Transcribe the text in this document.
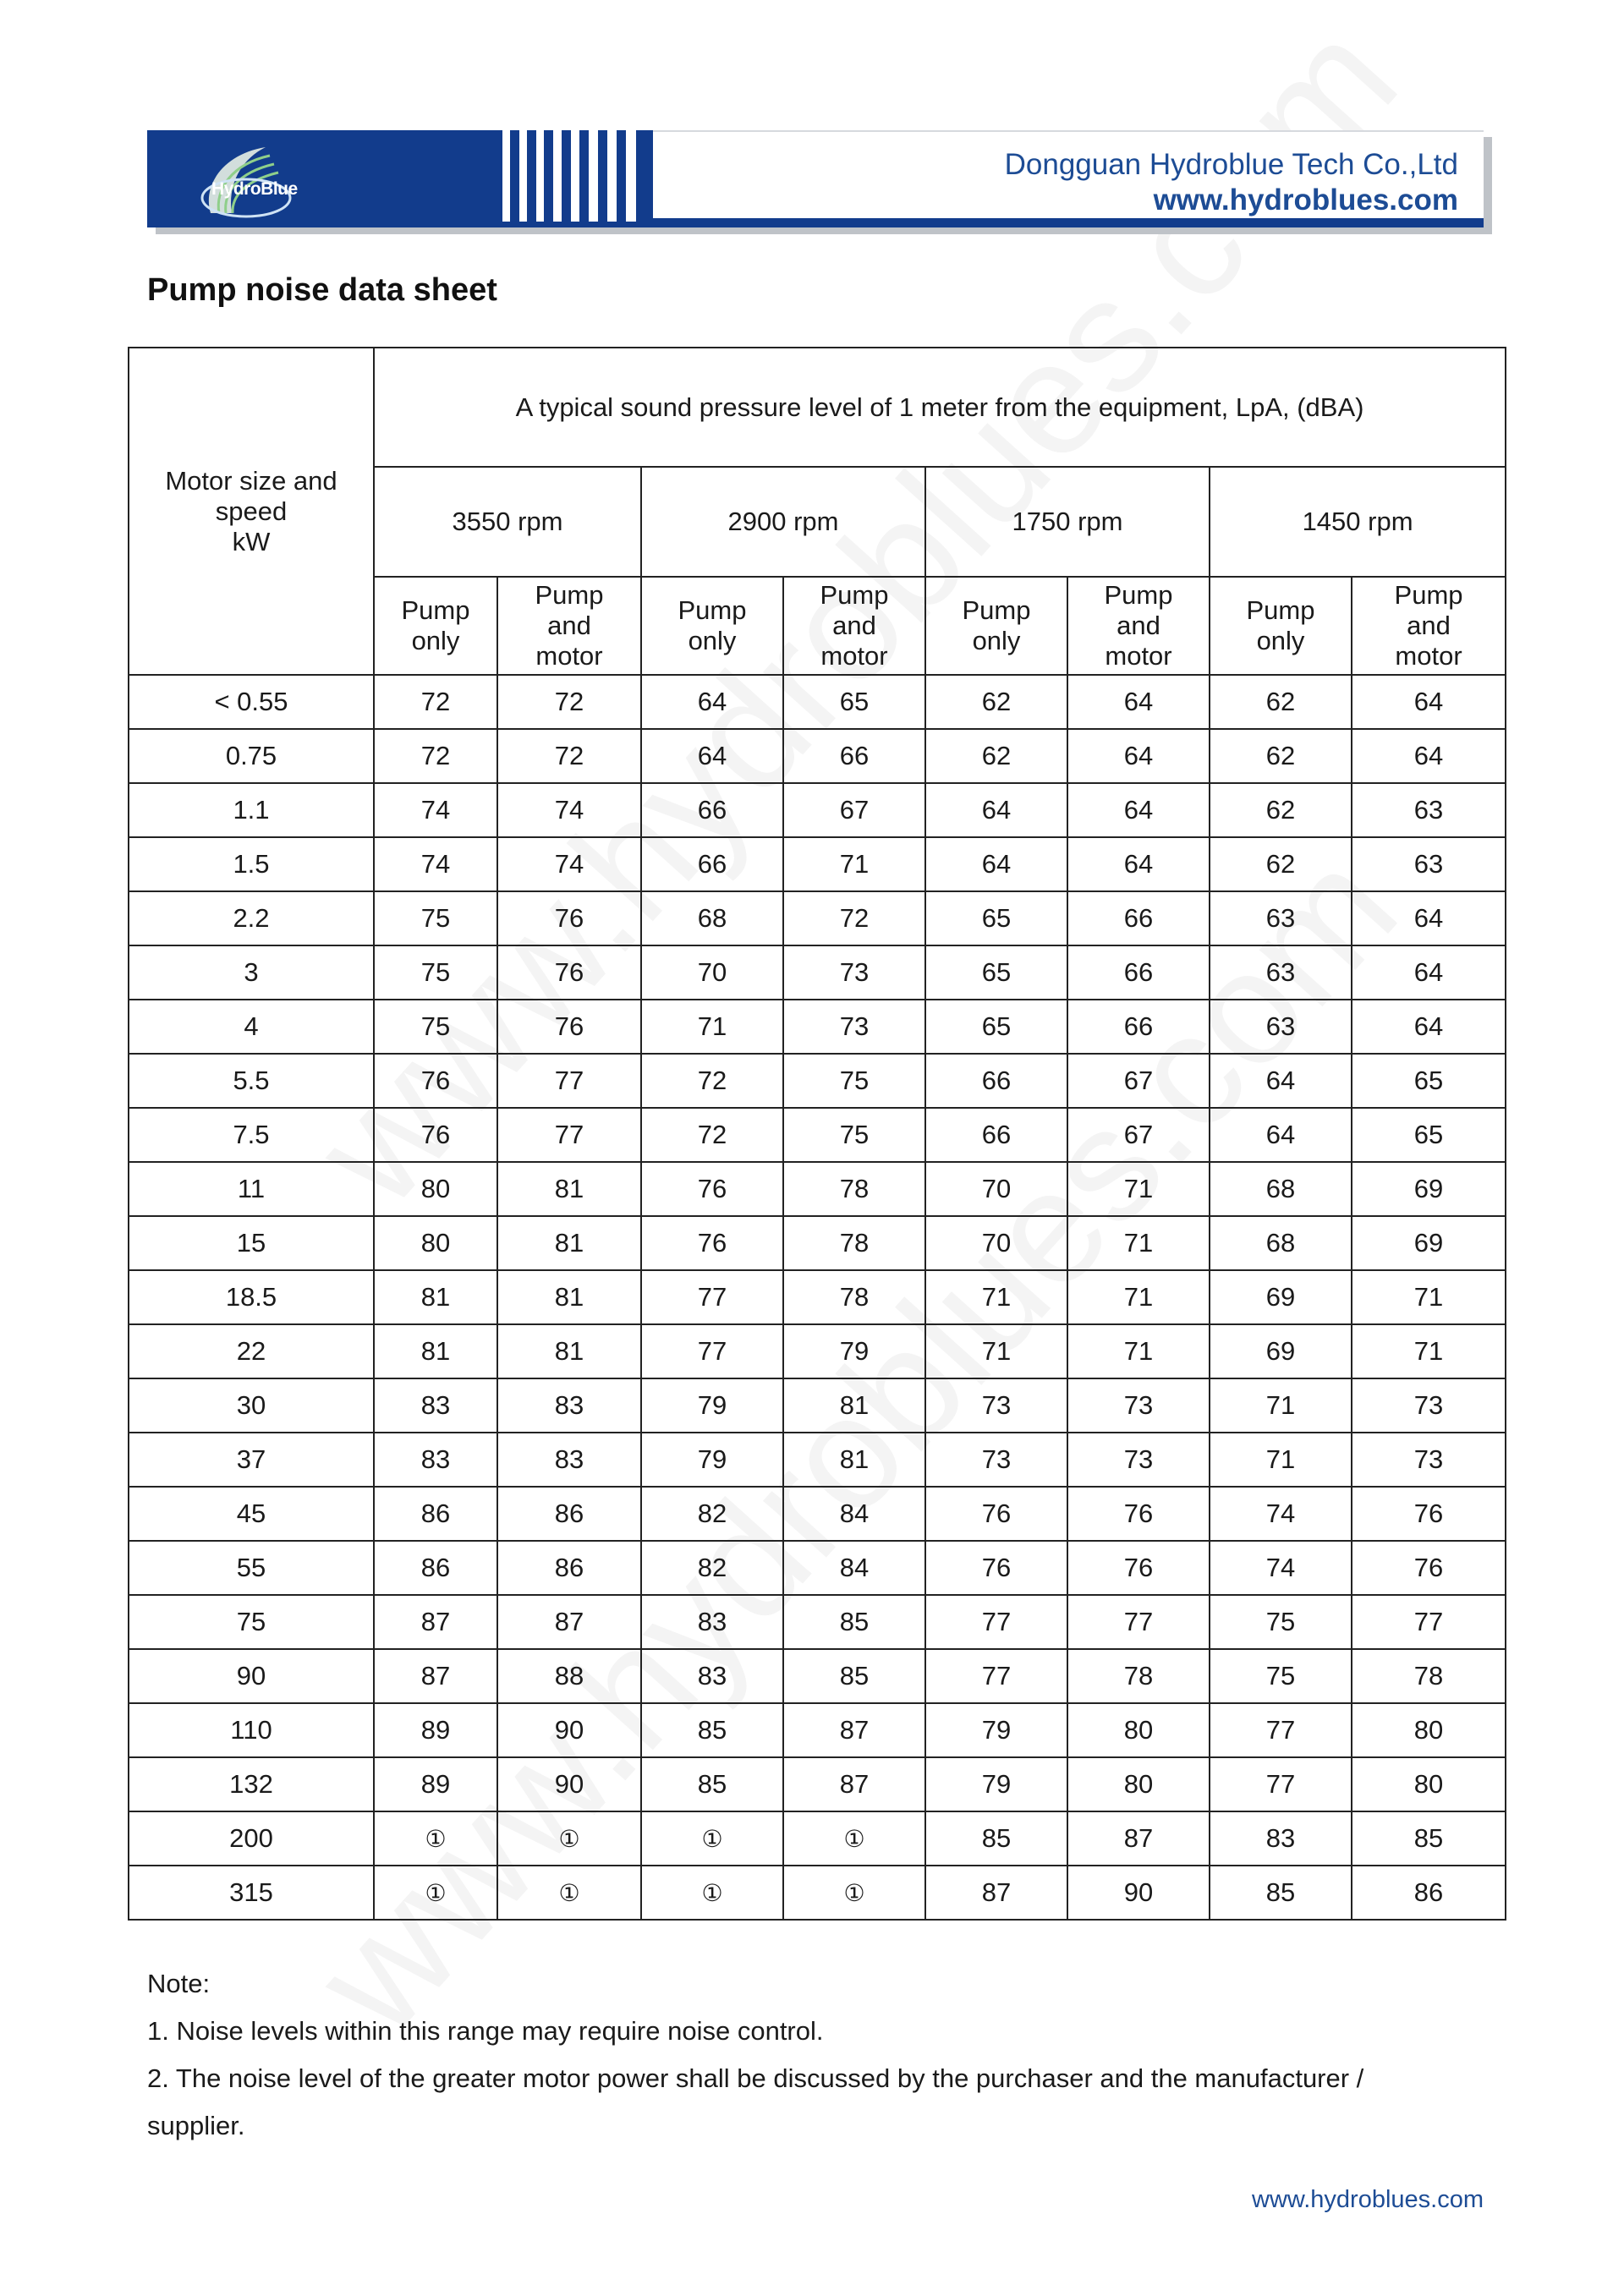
HydroBlue
Dongguan Hydroblue Tech Co.,Ltd
www.hydroblues.com
Pump noise data sheet
Motor size and
speed
kW	A typical sound pressure level of 1 meter from the equipment, LpA, (dBA)							
	3550 rpm		2900 rpm		1750 rpm		1450 rpm	
	Pump
only	Pump
and
motor	Pump
only	Pump
and
motor	Pump
only	Pump
and
motor	Pump
only	Pump
and
motor
< 0.55	72	72	64	65	62	64	62	64
0.75	72	72	64	66	62	64	62	64
1.1	74	74	66	67	64	64	62	63
1.5	74	74	66	71	64	64	62	63
2.2	75	76	68	72	65	66	63	64
3	75	76	70	73	65	66	63	64
4	75	76	71	73	65	66	63	64
5.5	76	77	72	75	66	67	64	65
7.5	76	77	72	75	66	67	64	65
11	80	81	76	78	70	71	68	69
15	80	81	76	78	70	71	68	69
18.5	81	81	77	78	71	71	69	71
22	81	81	77	79	71	71	69	71
30	83	83	79	81	73	73	71	73
37	83	83	79	81	73	73	71	73
45	86	86	82	84	76	76	74	76
55	86	86	82	84	76	76	74	76
75	87	87	83	85	77	77	75	77
90	87	88	83	85	77	78	75	78
110	89	90	85	87	79	80	77	80
132	89	90	85	87	79	80	77	80
200	①	①	①	①	85	87	83	85
315	①	①	①	①	87	90	85	86
Note:
1. Noise levels within this range may require noise control.
2. The noise level of the greater motor power shall be discussed by the purchaser and the manufacturer / supplier.
www.hydroblues.com
